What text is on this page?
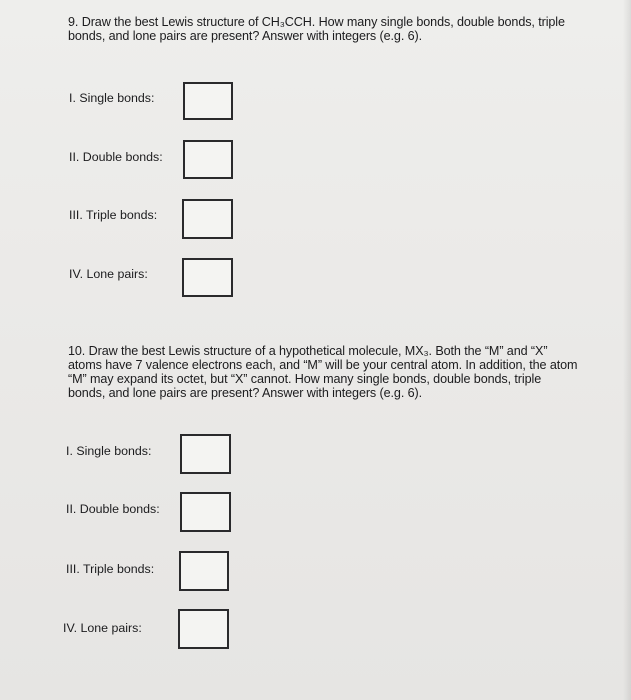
9. Draw the best Lewis structure of CH₃CCH. How many single bonds, double bonds, triple bonds, and lone pairs are present? Answer with integers (e.g. 6).
I. Single bonds:
II. Double bonds:
III. Triple bonds:
IV. Lone pairs:
10. Draw the best Lewis structure of a hypothetical molecule, MX₃. Both the “M” and “X” atoms have 7 valence electrons each, and “M” will be your central atom. In addition, the atom “M” may expand its octet, but “X” cannot. How many single bonds, double bonds, triple bonds, and lone pairs are present? Answer with integers (e.g. 6).
I. Single bonds:
II. Double bonds:
III. Triple bonds:
IV. Lone pairs:
